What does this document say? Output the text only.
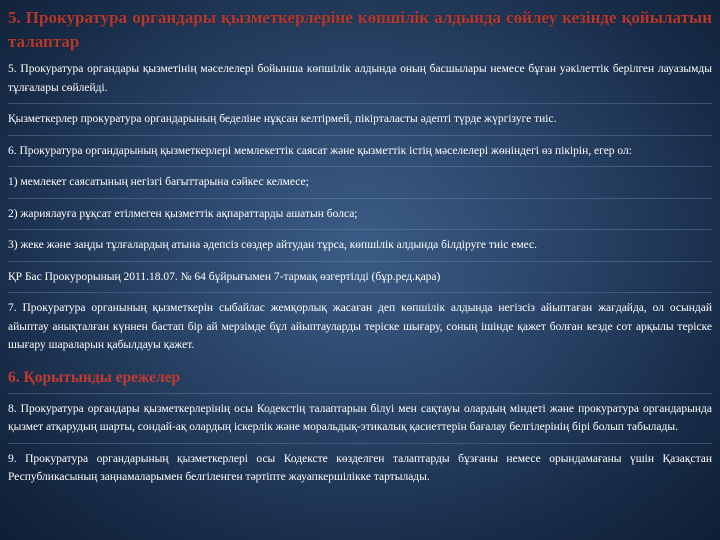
5. Прокуратура органдары қызметкерлеріне көпшілік алдында сөйлеу кезінде қойылатын талаптар

5. Прокуратура органдары қызметінің мәселелері бойынша көпшілік алдында оның басшылары немесе бұған уәкілеттік берілген лауазымды тұлғалары сөйлейді.

Қызметкерлер прокуратура органдарының беделіне нұқсан келтірмей, пікірталасты әдепті түрде жүргізуге тиіс.

6. Прокуратура органдарының қызметкерлері мемлекеттік саясат және қызметтік істің мәселелері жөніндегі өз пікірін, егер ол:

1) мемлекет саясатының негізгі бағыттарына сәйкес келмесе;

2) жариялауға рұқсат етілмеген қызметтік ақпараттарды ашатын болса;

3) жеке және заңды тұлғалардың атына әдепсіз сөздер айтудан тұрса, көпшілік алдында білдіруге тиіс емес.

ҚР Бас Прокурорының 2011.18.07. № 64 бұйрығымен 7-тармақ өзгертілді (бұр.ред.қара)

7. Прокуратура органының қызметкерін сыбайлас жемқорлық жасаған деп көпшілік алдында негізсіз айыптаған жағдайда, ол осындай айыптау анықталған күннен бастап бір ай мерзімде бұл айыптауларды теріске шығару, соның ішінде қажет болған кезде сот арқылы теріске шығару шараларын қабылдауы қажет.

6. Қорытынды ережелер

8. Прокуратура органдары қызметкерлерінің осы Кодекстің талаптарын білуі мен сақтауы олардың міндеті және прокуратура органдарында қызмет атқарудың шарты, сондай-ақ олардың іскерлік және моральдық-этикалық қасиеттерін бағалау белгілерінің бірі болып табылады.

9. Прокуратура органдарының қызметкерлері осы Кодексте көзделген талаптарды бұзғаны немесе орындамағаны үшін Қазақстан Республикасының заңнамаларымен белгіленген тәртіпте жауапкершілікке тартылады.
